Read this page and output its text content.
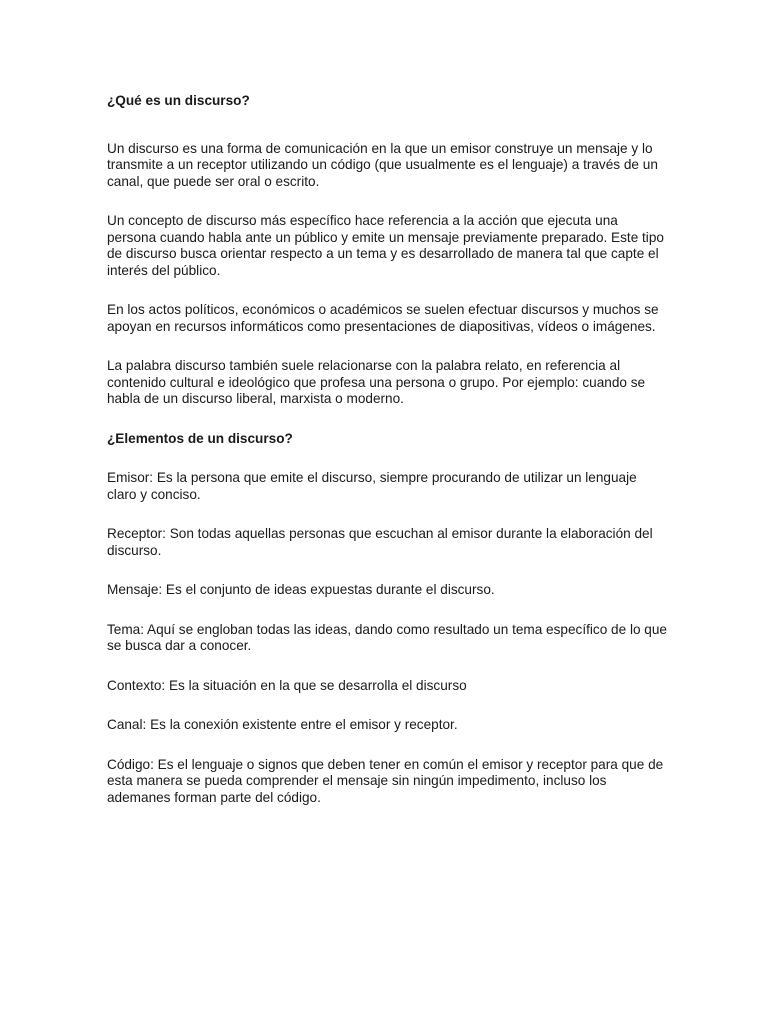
¿Qué es un discurso?

Un discurso es una forma de comunicación en la que un emisor construye un mensaje y lo transmite a un receptor utilizando un código (que usualmente es el lenguaje) a través de un canal, que puede ser oral o escrito.

Un concepto de discurso más específico hace referencia a la acción que ejecuta una persona cuando habla ante un público y emite un mensaje previamente preparado. Este tipo de discurso busca orientar respecto a un tema y es desarrollado de manera tal que capte el interés del público.

En los actos políticos, económicos o académicos se suelen efectuar discursos y muchos se apoyan en recursos informáticos como presentaciones de diapositivas, vídeos o imágenes.

La palabra discurso también suele relacionarse con la palabra relato, en referencia al contenido cultural e ideológico que profesa una persona o grupo. Por ejemplo: cuando se habla de un discurso liberal, marxista o moderno.

¿Elementos de un discurso?

Emisor: Es la persona que emite el discurso, siempre procurando de utilizar un lenguaje claro y conciso.

Receptor: Son todas aquellas personas que escuchan al emisor durante la elaboración del discurso.

Mensaje: Es el conjunto de ideas expuestas durante el discurso.

Tema: Aquí se engloban todas las ideas, dando como resultado un tema específico de lo que se busca dar a conocer.

Contexto: Es la situación en la que se desarrolla el discurso

Canal: Es la conexión existente entre el emisor y receptor.

Código: Es el lenguaje o signos que deben tener en común el emisor y receptor para que de esta manera se pueda comprender el mensaje sin ningún impedimento, incluso los ademanes forman parte del código.
